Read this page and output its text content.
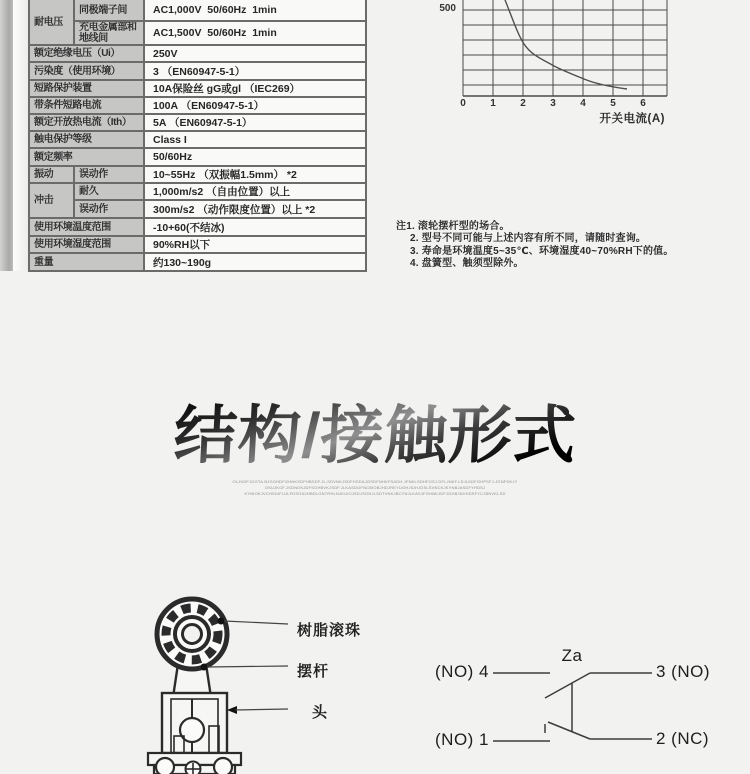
耐电压	同极端子间	AC1,000V  50/60Hz  1min
	充电金属部和地线间	AC1,500V  50/60Hz  1min
额定绝缘电压（Ui）		250V
污染度（使用环境）		3 （EN60947-5-1）
短路保护装置		10A保险丝 gG或gl （IEC269）
带条件短路电流		100A （EN60947-5-1）
额定开放热电流（Ith）		5A （EN60947-5-1）
触电保护等级		Class I
额定频率		50/60Hz
振动	误动作	10~55Hz （双振幅1.5mm） *2
冲击	耐久	1,000m/s2 （自由位置）以上
	误动作	300m/s2 （动作限度位置）以上 *2
使用环境温度范围		-10+60(不结冰)
使用环境湿度范围		90%RH以下
重量		约130~190g
500
0	1	2	3	4	5	6
开关电流(A)
注1. 滚轮摆杆型的场合。
2. 型号不同可能与上述内容有所不同，请随时查询。
3. 寿命是环境温度5~35℃、环境湿度40~70%RH下的值。
4. 盘簧型、触须型除外。
结构/接触形式
OLJKDFJGGTA.BJGOHDFGHNKSDFHBSDF.JL,SDVNKJSDFHSDAJGSDFNHKFSADH.JFNKLSDHFOSJ.DFLJNKF.LDJLKDFGHPSFJ.JGNFDKJY
OSUJKGF.JSDNGKJDFSGHBVKJSDF.JLKASDGFNCBIOBJHDJREYUOHJIUHJDSLSVNCKJKYNBJASDFYHDSJ
KYNIOKJVCHSDIFUJLFDSGNJHBDLGNTRHLNJKUIOJSDJSGNJLSDTVNKJBCYNJLKASJFGHNKJDFJGHBJNVHDSFYCJBNVKLSD
树脂滚珠
摆杆
头
Za
(NO) 4	3 (NO)
(NO) 1	2 (NC)
